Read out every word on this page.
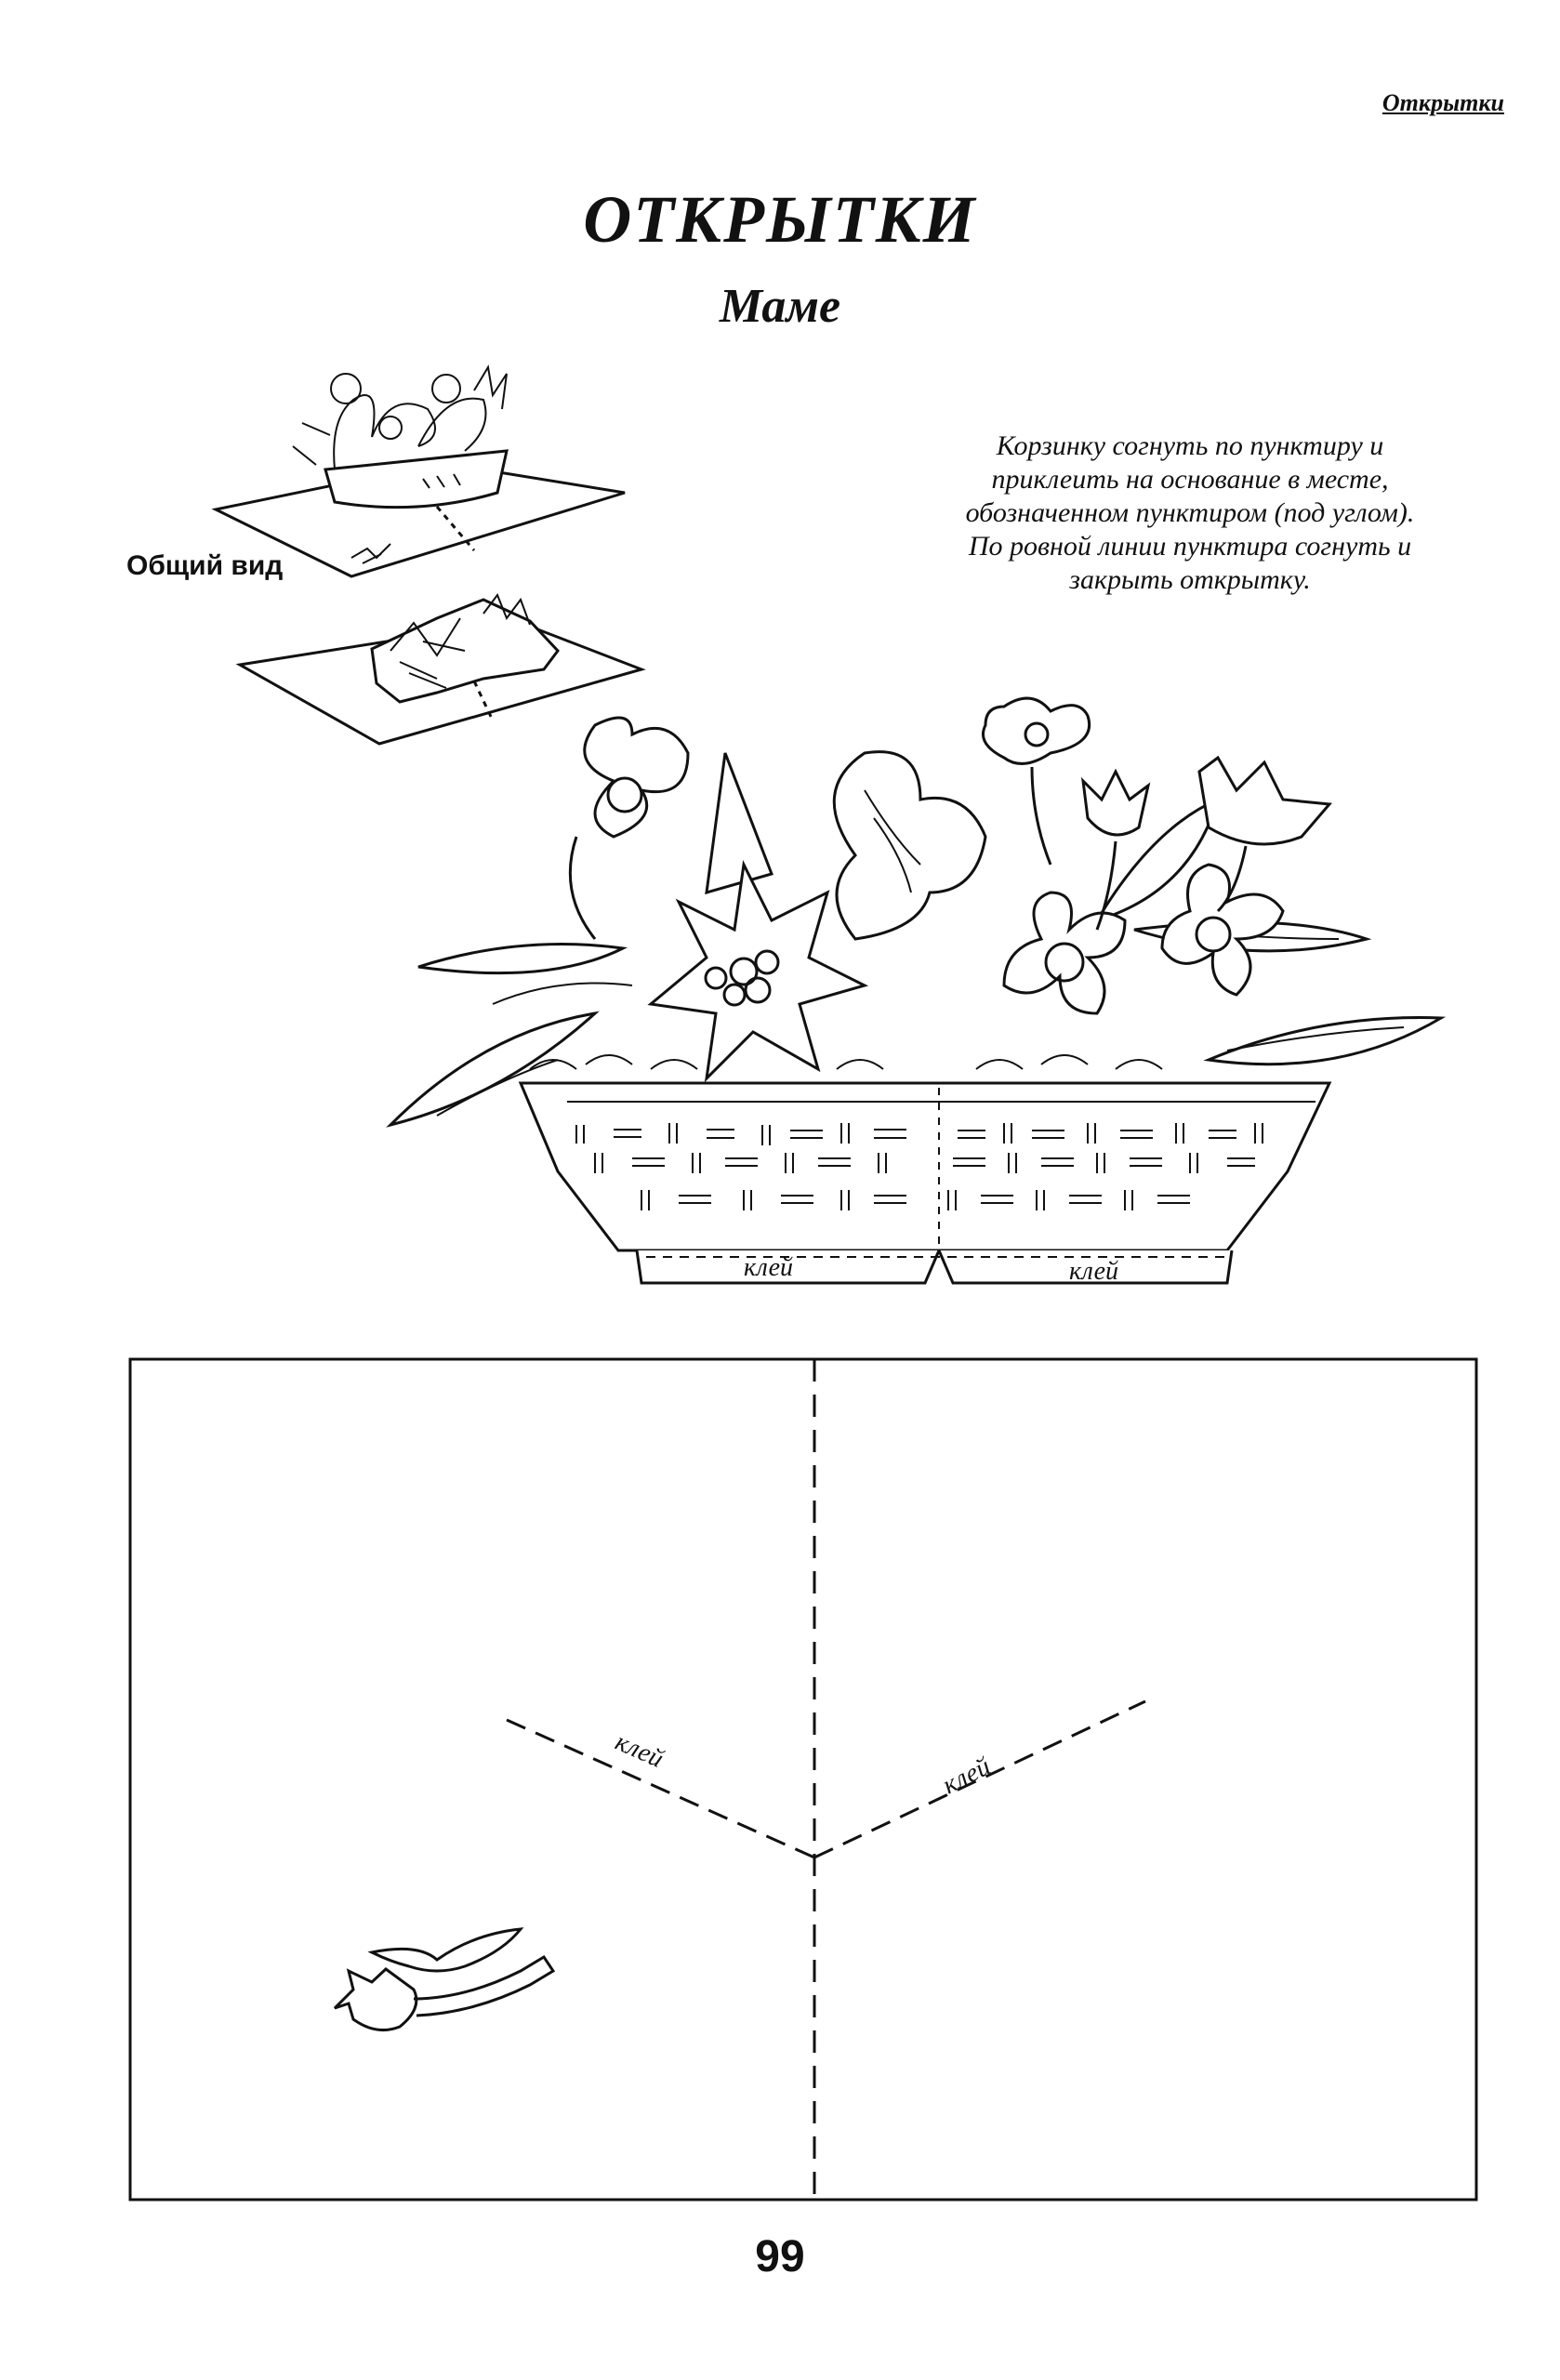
Открытки
ОТКРЫТКИ
Маме

Корзинку согнуть по пунктиру и

приклеить на основание в месте,

обозначенном пунктиром (под углом).

По ровной линии пунктира согнуть и

закрыть открытку.

Общий вид
клей	клей
клей
клей
99
